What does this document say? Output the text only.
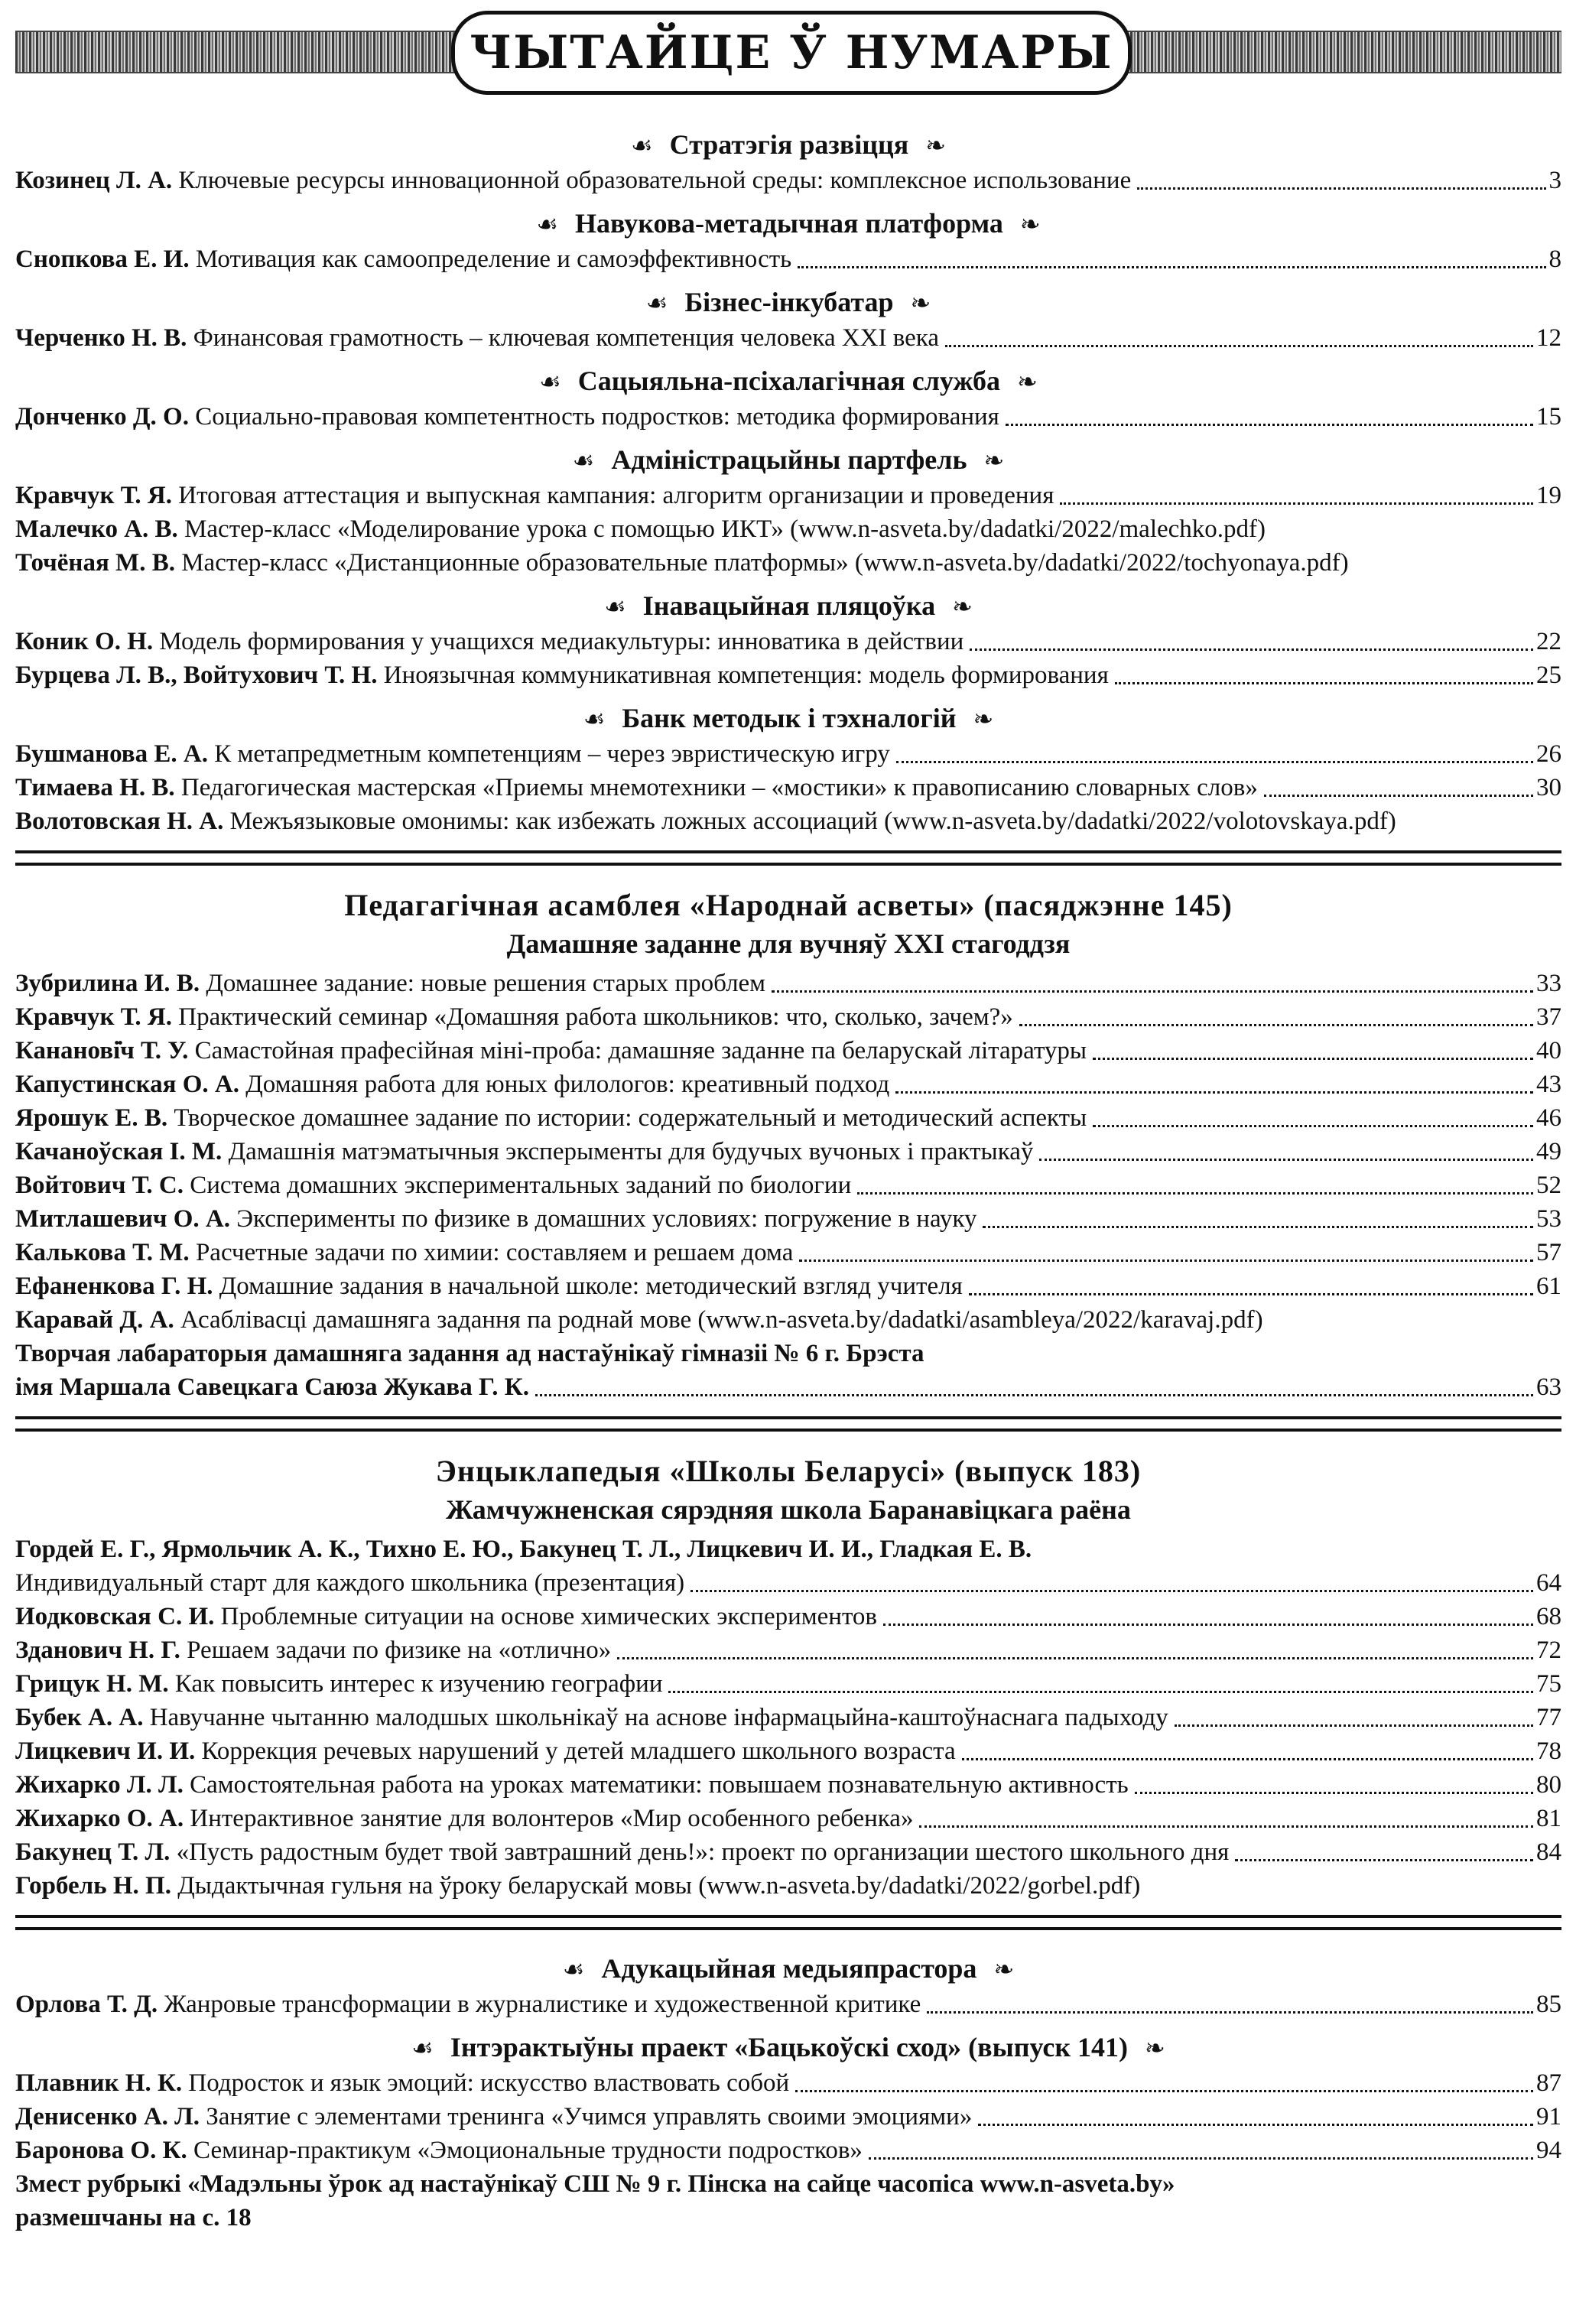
ЧЫТАЙЦЕ Ў НУМАРЫ
☙ Стратэгія развіцця ❧
Козинец Л. А. Ключевые ресурсы инновационной образовательной среды: комплексное использование	3
☙ Навукова-метадычная платформа ❧
Снопкова Е. И. Мотивация как самоопределение и самоэффективность	8
☙ Бізнес-інкубатар ❧
Черченко Н. В. Финансовая грамотность – ключевая компетенция человека XXI века	12
☙ Сацыяльна-псіхалагічная служба ❧
Донченко Д. О. Социально-правовая компетентность подростков: методика формирования	15
☙ Адміністрацыйны партфель ❧
Кравчук Т. Я. Итоговая аттестация и выпускная кампания: алгоритм организации и проведения	19
Малечко А. В. Мастер-класс «Моделирование урока с помощью ИКТ» (www.n-asveta.by/dadatki/2022/malechko.pdf)
Точёная М. В. Мастер-класс «Дистанционные образовательные платформы» (www.n-asveta.by/dadatki/2022/tochyonaya.pdf)
☙ Інавацыйная пляцоўка ❧
Коник О. Н. Модель формирования у учащихся медиакультуры: инноватика в действии	22
Бурцева Л. В., Войтухович Т. Н. Иноязычная коммуникативная компетенция: модель формирования	25
☙ Банк методык і тэхналогій ❧
Бушманова Е. А. К метапредметным компетенциям – через эвристическую игру	26
Тимаева Н. В. Педагогическая мастерская «Приемы мнемотехники – «мостики» к правописанию словарных слов»	30
Волотовская Н. А. Межъязыковые омонимы: как избежать ложных ассоциаций (www.n-asveta.by/dadatki/2022/volotovskaya.pdf)
Педагагічная асамблея «Народнай асветы» (пасяджэнне 145)
Дамашняе заданне для вучняў XXI стагоддзя
Зубрилина И. В. Домашнее задание: новые решения старых проблем	33
Кравчук Т. Я. Практический семинар «Домашняя работа школьников: что, сколько, зачем?»	37
Кананові̇ч Т. У. Самастойная прафесійная міні-проба: дамашняе заданне па беларускай літаратуры	40
Капустинская О. А. Домашняя работа для юных филологов: креативный подход	43
Ярошук Е. В. Творческое домашнее задание по истории: содержательный и методический аспекты	46
Качаноўская І. М. Дамашнія матэматычныя эксперыменты для будучых вучоных і практыкаў	49
Войтович Т. С. Система домашних экспериментальных заданий по биологии	52
Митлашевич О. А. Эксперименты по физике в домашних условиях: погружение в науку	53
Калькова Т. М. Расчетные задачи по химии: составляем и решаем дома	57
Ефаненкова Г. Н. Домашние задания в начальной школе: методический взгляд учителя	61
Каравай Д. А. Асаблівасці дамашняга задання па роднай мове (www.n-asveta.by/dadatki/asambleya/2022/karavaj.pdf)
Творчая лабараторыя дамашняга задання ад настаўнікаў гімназіі № 6 г. Брэста
імя Маршала Савецкага Саюза Жукава Г. К.	63
Энцыклапедыя «Школы Беларусі» (выпуск 183)
Жамчужненская сярэдняя школа Баранавіцкага раёна
Гордей Е. Г., Ярмольчик А. К., Тихно Е. Ю., Бакунец Т. Л., Лицкевич И. И., Гладкая Е. В.
Индивидуальный старт для каждого школьника (презентация)	64
Иодковская С. И. Проблемные ситуации на основе химических экспериментов	68
Зданович Н. Г. Решаем задачи по физике на «отлично»	72
Грицук Н. М. Как повысить интерес к изучению географии	75
Бубек А. А. Навучанне чытанню малодшых школьнікаў на аснове інфармацыйна-каштоўнаснага падыходу	77
Лицкевич И. И. Коррекция речевых нарушений у детей младшего школьного возраста	78
Жихарко Л. Л. Самостоятельная работа на уроках математики: повышаем познавательную активность	80
Жихарко О. А. Интерактивное занятие для волонтеров «Мир особенного ребенка»	81
Бакунец Т. Л. «Пусть радостным будет твой завтрашний день!»: проект по организации шестого школьного дня	84
Горбель Н. П. Дыдактычная гульня на ўроку беларускай мовы (www.n-asveta.by/dadatki/2022/gorbel.pdf)
☙ Адукацыйная медыяпрастора ❧
Орлова Т. Д. Жанровые трансформации в журналистике и художественной критике	85
☙ Інтэрактыўны праект «Бацькоўскі сход» (выпуск 141) ❧
Плавник Н. К. Подросток и язык эмоций: искусство властвовать собой	87
Денисенко А. Л. Занятие с элементами тренинга «Учимся управлять своими эмоциями»	91
Баронова О. К. Семинар-практикум «Эмоциональные трудности подростков»	94
Змест рубрыкі «Мадэльны ўрок ад настаўнікаў СШ № 9 г. Пінска на сайце часопіса www.n-asveta.by»
размешчаны на с. 18
